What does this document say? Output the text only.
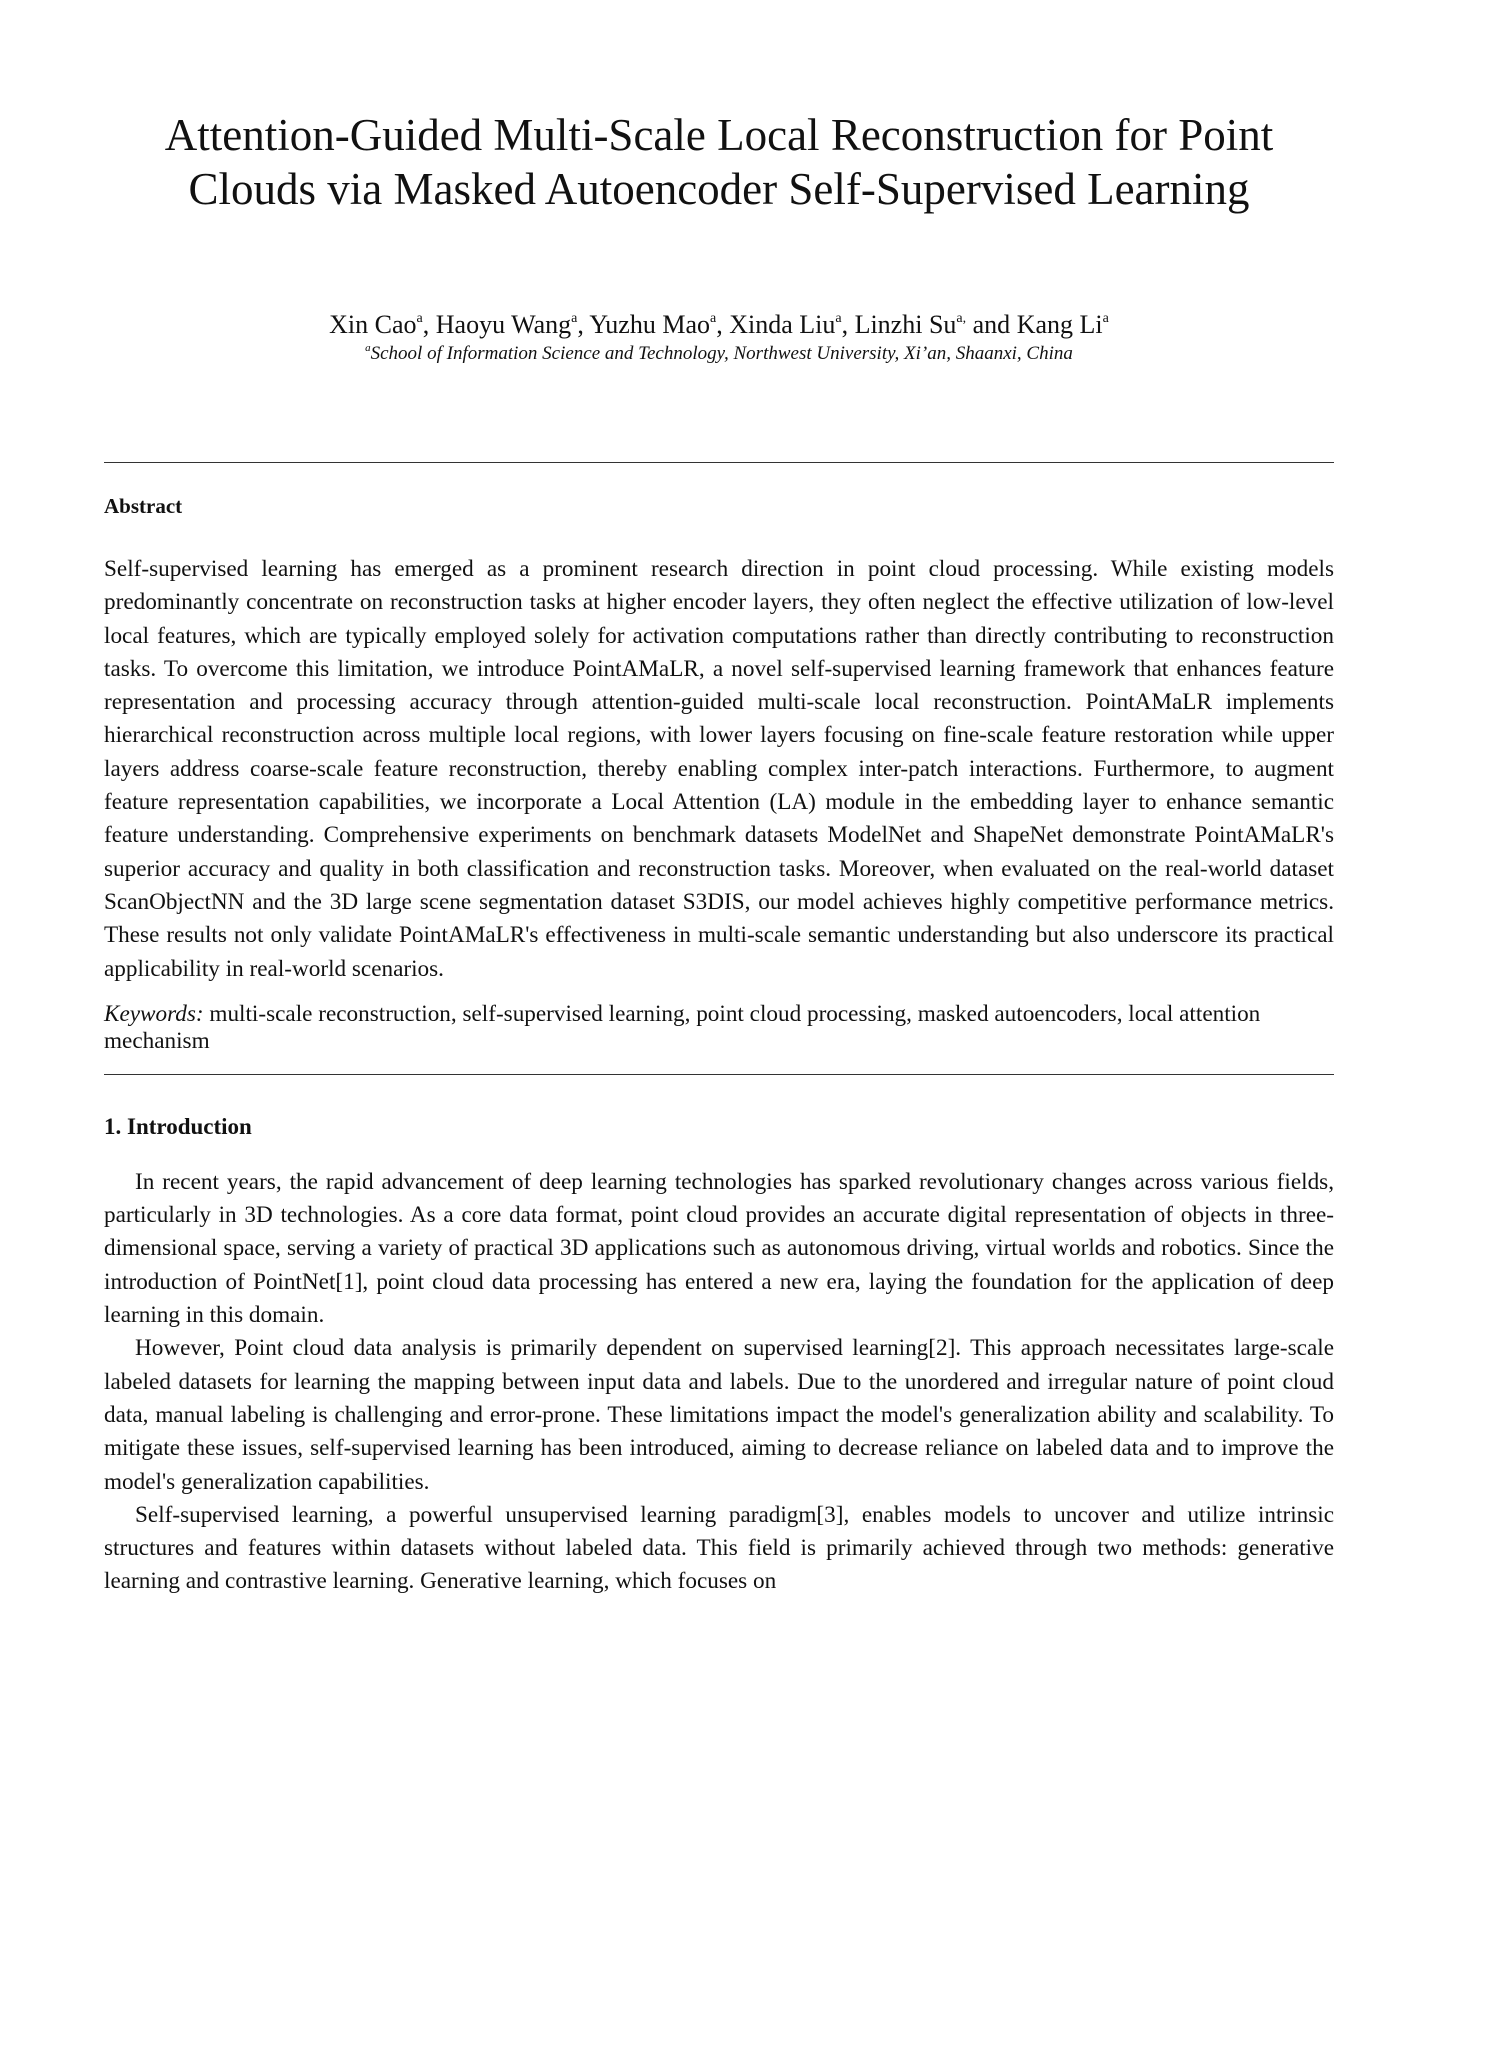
Attention-Guided Multi-Scale Local Reconstruction for Point Clouds via Masked Autoencoder Self-Supervised Learning
Xin Cao$^a$, Haoyu Wang$^a$, Yuzhu Mao$^a$, Xinda Liu$^a$, Linzhi $Su^{a,}$ and Kang Li$^a$
$^a$School of Information Science and Technology, Northwest University, Xi’an, Shaanxi, China
Abstract

Self-supervised learning has emerged as a prominent research direction in point cloud processing. While existing models predominantly concentrate on reconstruction tasks at higher encoder layers, they often neglect the effective utilization of low-level local features, which are typically employed solely for activation computations rather than directly contributing to reconstruction tasks. To overcome this limitation, we introduce PointAMaLR, a novel self-supervised learning framework that enhances feature representation and processing accuracy through attention-guided multi-scale local reconstruction. PointAMaLR implements hierarchical reconstruction across multiple local regions, with lower layers focusing on fine-scale feature restoration while upper layers address coarse-scale feature reconstruction, thereby enabling complex inter-patch interactions. Furthermore, to augment feature representation capabilities, we incorporate a Local Attention (LA) module in the embedding layer to enhance semantic feature understanding. Comprehensive experiments on benchmark datasets ModelNet and ShapeNet demonstrate PointAMaLR's superior accuracy and quality in both classification and reconstruction tasks. Moreover, when evaluated on the real-world dataset ScanObjectNN and the 3D large scene segmentation dataset S3DIS, our model achieves highly competitive performance metrics. These results not only validate PointAMaLR's effectiveness in multi-scale semantic understanding but also underscore its practical applicability in real-world scenarios.

Keywords: multi-scale reconstruction, self-supervised learning, point cloud processing, masked autoencoders, local attention mechanism
1. Introduction

In recent years, the rapid advancement of deep learning technologies has sparked revolutionary changes across various fields, particularly in 3D technologies. As a core data format, point cloud provides an accurate digital representation of objects in three-dimensional space, serving a variety of practical 3D applications such as autonomous driving, virtual worlds and robotics. Since the introduction of PointNet[1], point cloud data processing has entered a new era, laying the foundation for the application of deep learning in this domain.

However, Point cloud data analysis is primarily dependent on supervised learning[2]. This approach necessitates large-scale labeled datasets for learning the mapping between input data and labels. Due to the unordered and irregular nature of point cloud data, manual labeling is challenging and error-prone. These limitations impact the model's generalization ability and scalability. To mitigate these issues, self-supervised learning has been introduced, aiming to decrease reliance on labeled data and to improve the model's generalization capabilities.

Self-supervised learning, a powerful unsupervised learning paradigm[3], enables models to uncover and utilize intrinsic structures and features within datasets without labeled data. This field is primarily achieved through two methods: generative learning and contrastive learning. Generative learning, which focuses on
